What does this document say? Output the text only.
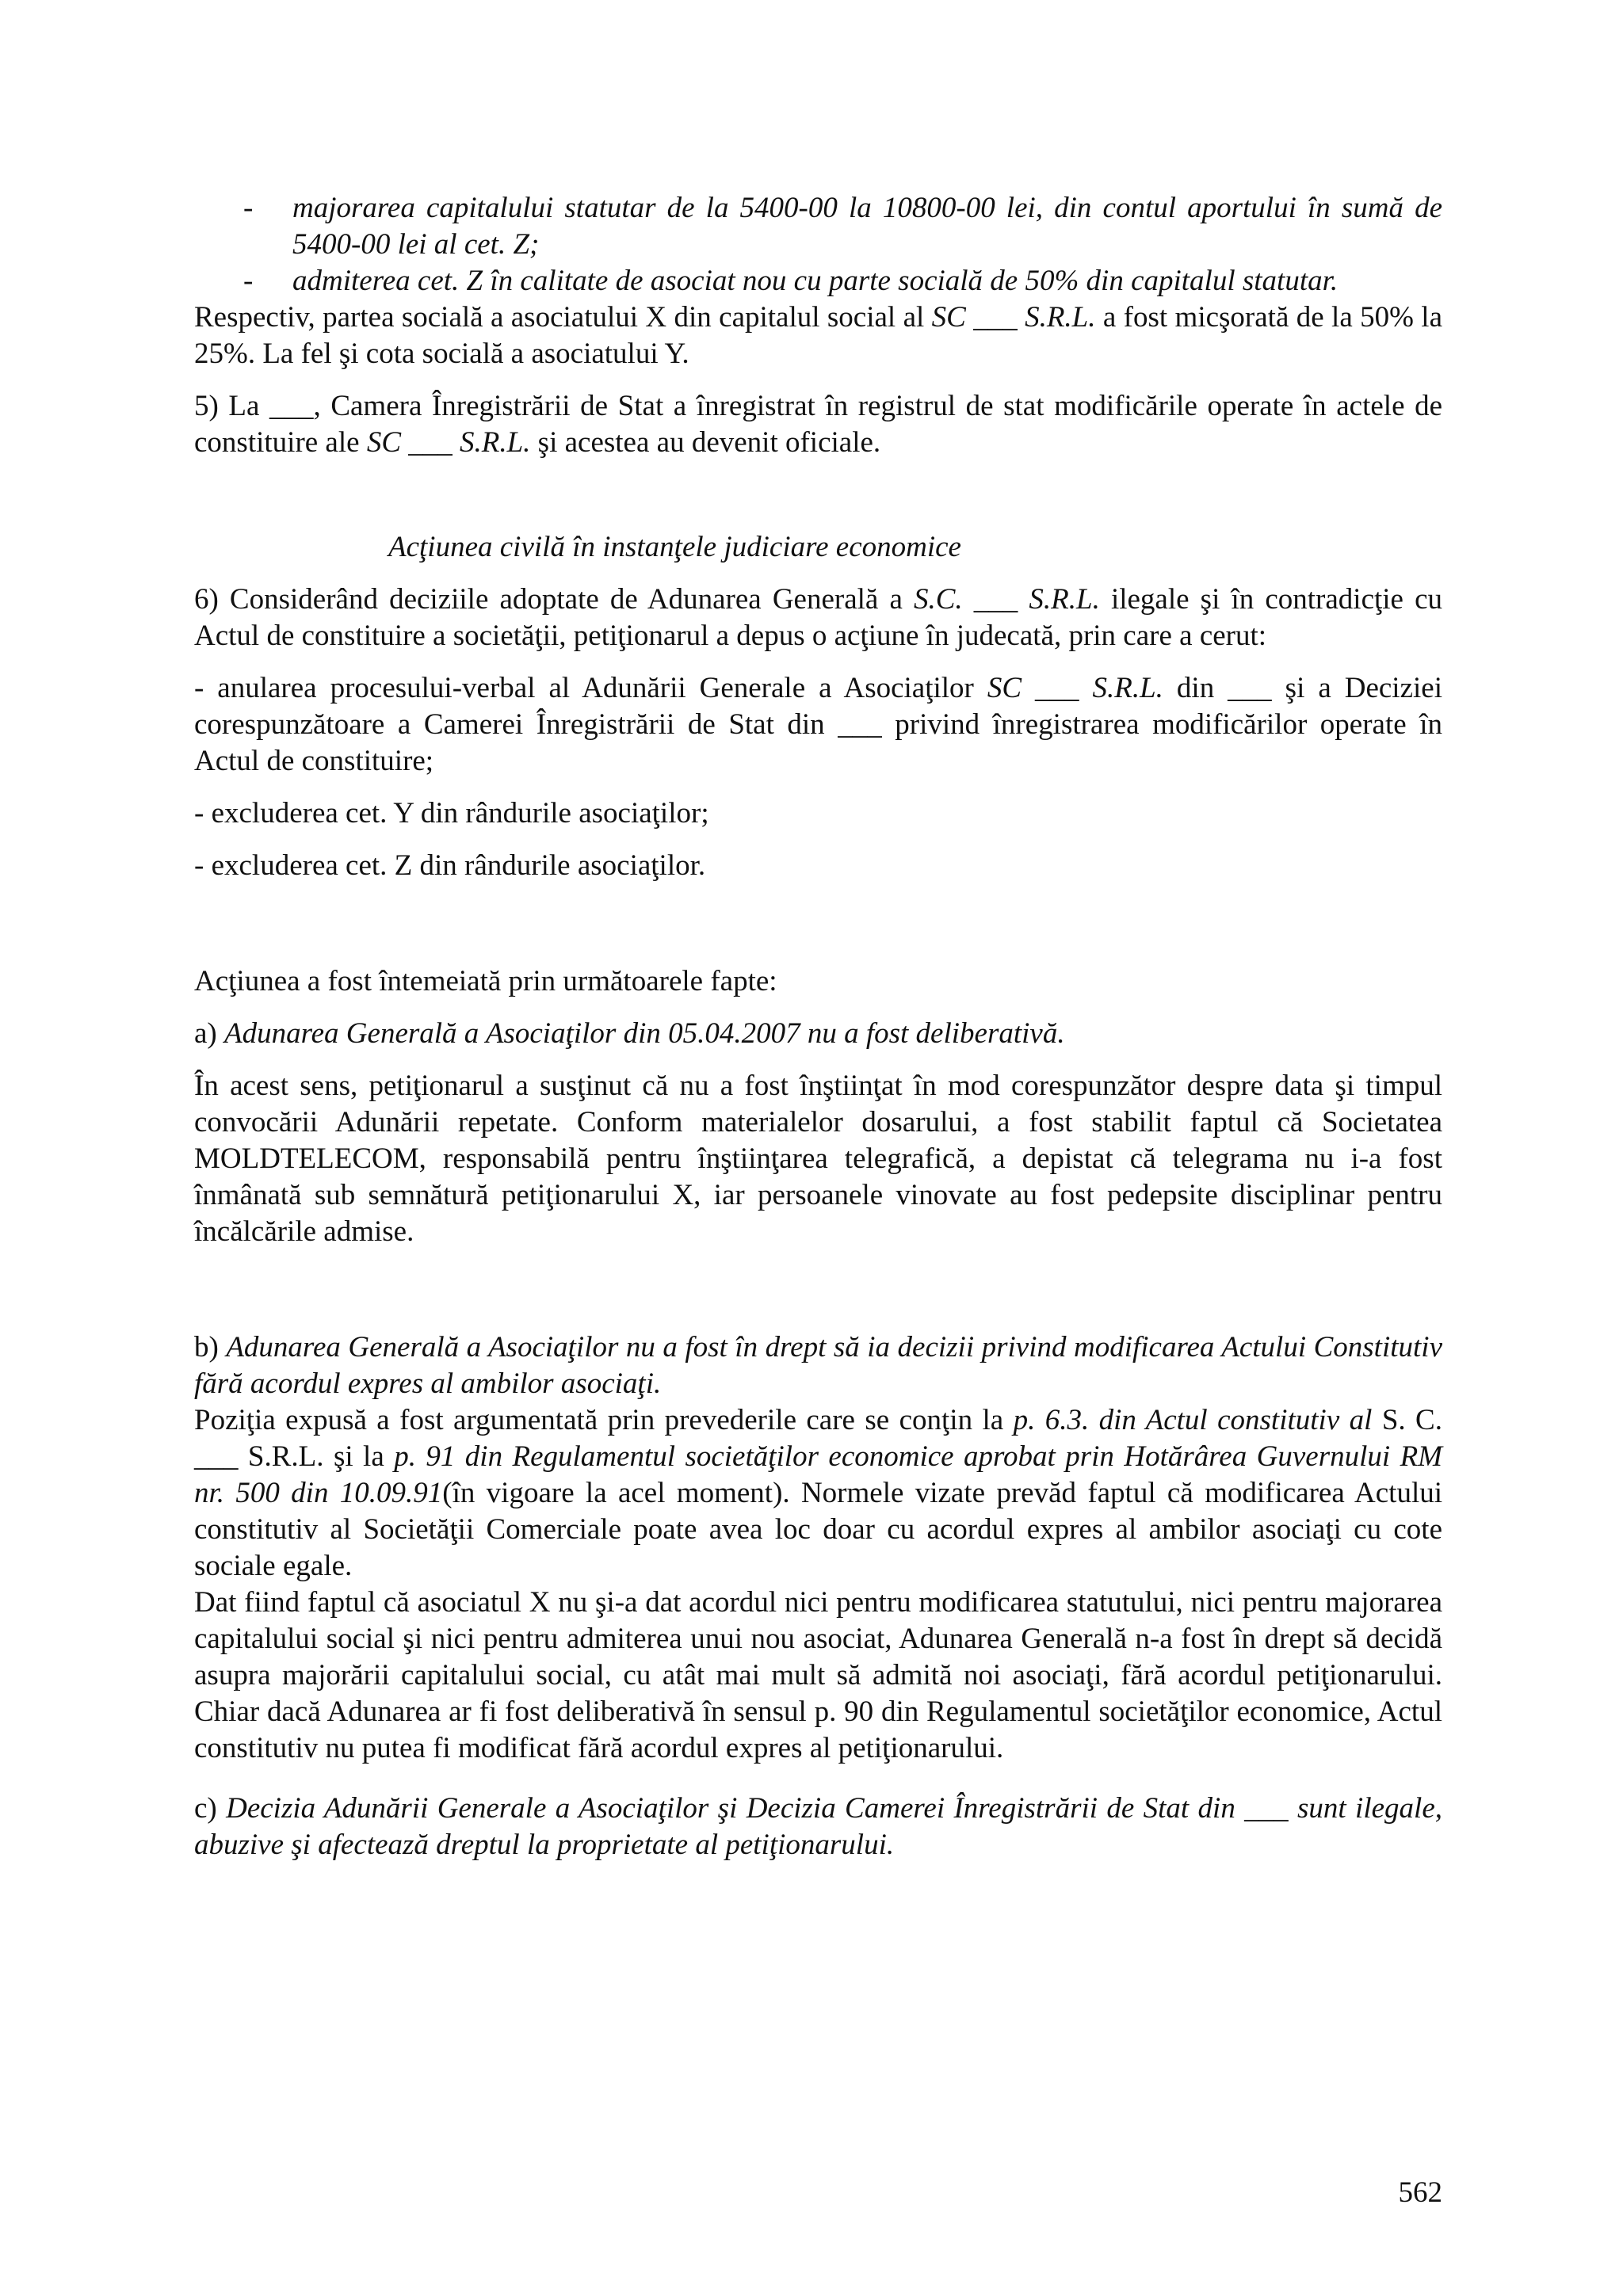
-	majorarea capitalului statutar de la 5400-00 la 10800-00 lei, din contul aportului în sumă de 5400-00 lei al cet. Z;
-	admiterea cet. Z în calitate de asociat nou cu parte socială de 50% din capitalul statutar.

Respectiv, partea socială a asociatului X din capitalul social al SC ___ S.R.L. a fost micşorată de la 50% la 25%. La fel şi cota socială a asociatului Y.

5) La ___, Camera Înregistrării de Stat a înregistrat în registrul de stat modificările operate în actele de constituire ale SC ___ S.R.L. şi acestea au devenit oficiale.

Acţiunea civilă în instanţele judiciare economice

6) Considerând deciziile adoptate de Adunarea Generală a S.C. ___ S.R.L. ilegale şi în contradicţie cu Actul de constituire a societăţii, petiţionarul a depus o acţiune în judecată, prin care a cerut:

- anularea procesului-verbal al Adunării Generale a Asociaţilor SC ___ S.R.L. din ___ şi a Deciziei corespunzătoare a Camerei Înregistrării de Stat din ___ privind înregistrarea modificărilor operate în Actul de constituire;

- excluderea cet. Y din rândurile asociaţilor;

- excluderea cet. Z din rândurile asociaţilor.

Acţiunea a fost întemeiată prin următoarele fapte:

a) Adunarea Generală a Asociaţilor din 05.04.2007 nu a fost deliberativă.

În acest sens, petiţionarul a susţinut că nu a fost înştiinţat în mod corespunzător despre data şi timpul convocării Adunării repetate. Conform materialelor dosarului, a fost stabilit faptul că Societatea MOLDTELECOM, responsabilă pentru înştiinţarea telegrafică, a depistat că telegrama nu i-a fost înmânată sub semnătură petiţionarului X, iar persoanele vinovate au fost pedepsite disciplinar pentru încălcările admise.

b) Adunarea Generală a Asociaţilor nu a fost în drept să ia decizii privind modificarea Actului Constitutiv fără acordul expres al ambilor asociaţi.

Poziţia expusă a fost argumentată prin prevederile care se conţin la p. 6.3. din Actul constitutiv al S. C. ___ S.R.L. şi la p. 91 din Regulamentul societăţilor economice aprobat prin Hotărârea Guvernului RM nr. 500 din 10.09.91(în vigoare la acel moment). Normele vizate prevăd faptul că modificarea Actului constitutiv al Societăţii Comerciale poate avea loc doar cu acordul expres al ambilor asociaţi cu cote sociale egale.

Dat fiind faptul că asociatul X nu şi-a dat acordul nici pentru modificarea statutului, nici pentru majorarea capitalului social şi nici pentru admiterea unui nou asociat, Adunarea Generală n-a fost în drept să decidă asupra majorării capitalului social, cu atât mai mult să admită noi asociaţi, fără acordul petiţionarului. Chiar dacă Adunarea ar fi fost deliberativă în sensul p. 90 din Regulamentul societăţilor economice, Actul constitutiv nu putea fi modificat fără acordul expres al petiţionarului.

c) Decizia Adunării Generale a Asociaţilor şi Decizia Camerei Înregistrării de Stat din ___ sunt ilegale, abuzive şi afectează dreptul la proprietate al petiţionarului.

562
